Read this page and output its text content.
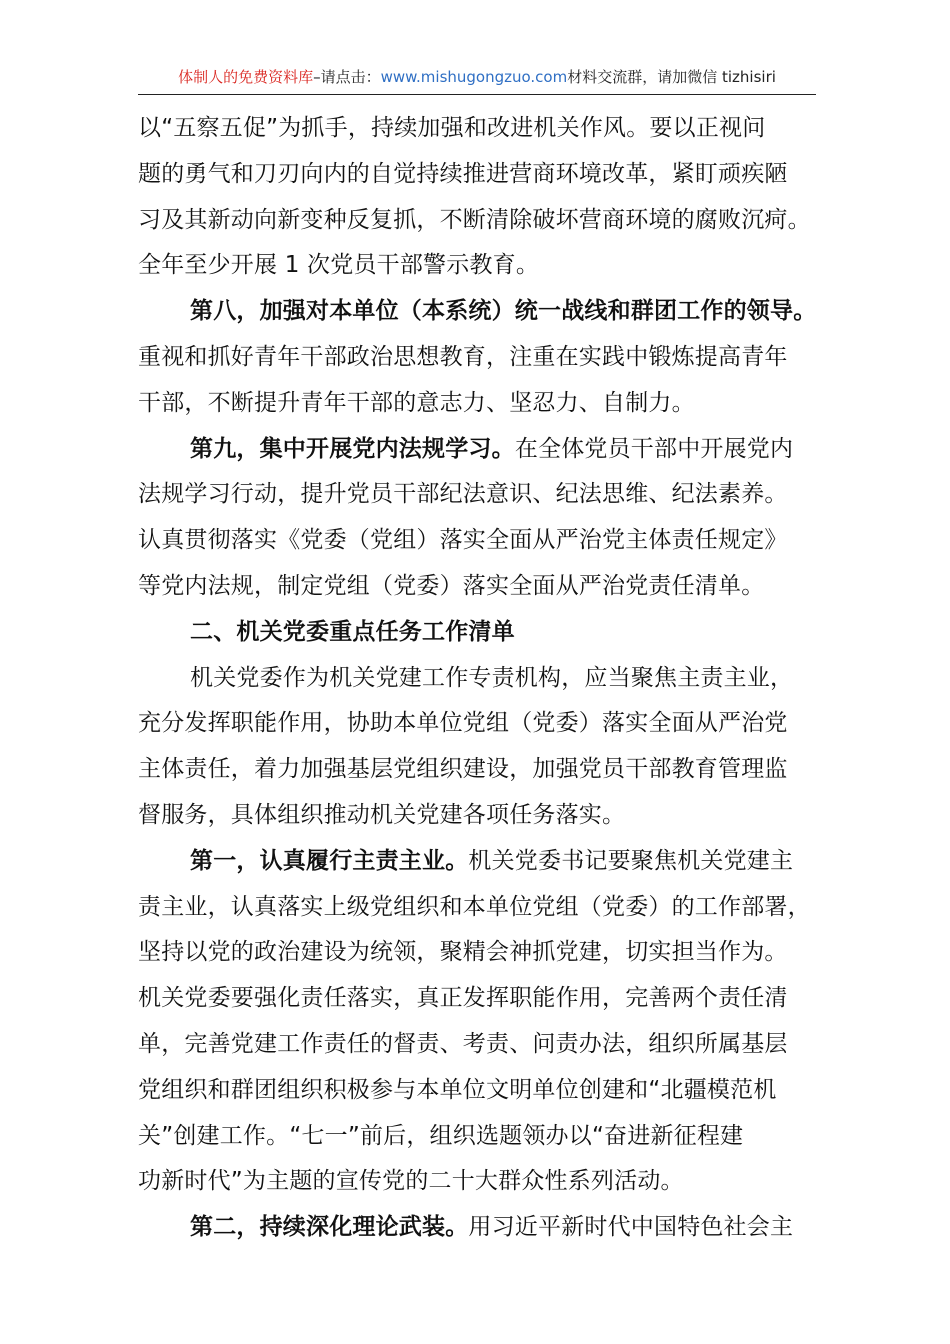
体制人的免费资料库–请点击：www.mishugongzuo.com材料交流群，请加微信 tizhisiri
以“五察五促”为抓手，持续加强和改进机关作风。要以正视问
题的勇气和刀刃向内的自觉持续推进营商环境改革，紧盯顽疾陋
习及其新动向新变种反复抓，不断清除破坏营商环境的腐败沉疴。
全年至少开展 1 次党员干部警示教育。
第八，加强对本单位（本系统）统一战线和群团工作的领导。
重视和抓好青年干部政治思想教育，注重在实践中锻炼提高青年
干部，不断提升青年干部的意志力、坚忍力、自制力。
第九，集中开展党内法规学习。在全体党员干部中开展党内
法规学习行动，提升党员干部纪法意识、纪法思维、纪法素养。
认真贯彻落实《党委（党组）落实全面从严治党主体责任规定》
等党内法规，制定党组（党委）落实全面从严治党责任清单。
二、机关党委重点任务工作清单
机关党委作为机关党建工作专责机构，应当聚焦主责主业，
充分发挥职能作用，协助本单位党组（党委）落实全面从严治党
主体责任，着力加强基层党组织建设，加强党员干部教育管理监
督服务，具体组织推动机关党建各项任务落实。
第一，认真履行主责主业。机关党委书记要聚焦机关党建主
责主业，认真落实上级党组织和本单位党组（党委）的工作部署，
坚持以党的政治建设为统领，聚精会神抓党建，切实担当作为。
机关党委要强化责任落实，真正发挥职能作用，完善两个责任清
单，完善党建工作责任的督责、考责、问责办法，组织所属基层
党组织和群团组织积极参与本单位文明单位创建和“北疆模范机
关”创建工作。“七一”前后，组织选题领办以“奋进新征程建
功新时代”为主题的宣传党的二十大群众性系列活动。
第二，持续深化理论武装。用习近平新时代中国特色社会主
